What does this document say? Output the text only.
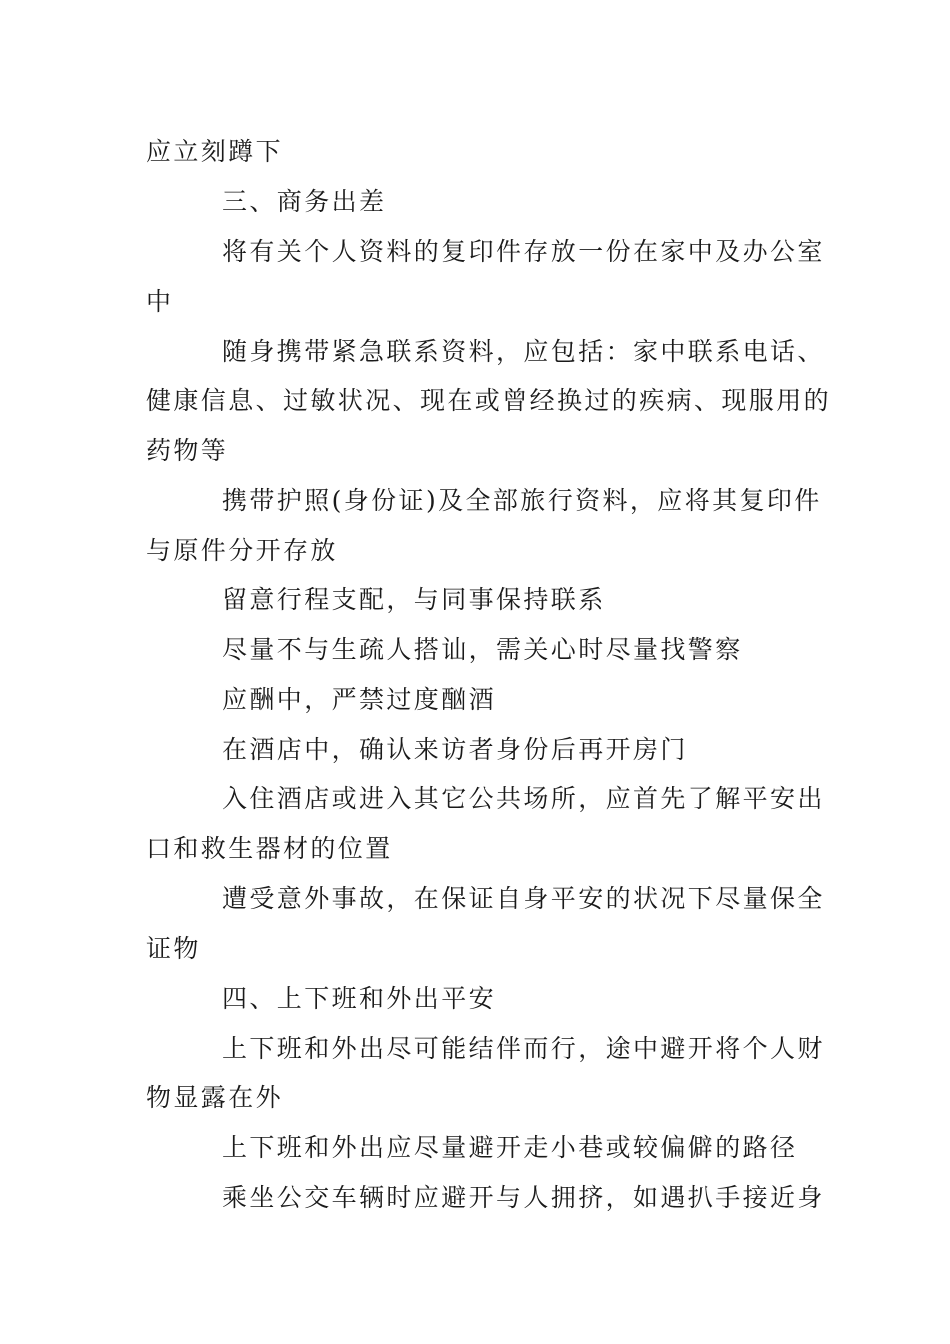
应立刻蹲下
三、商务出差
将有关个人资料的复印件存放一份在家中及办公室
中
随身携带紧急联系资料，应包括：家中联系电话、
健康信息、过敏状况、现在或曾经换过的疾病、现服用的
药物等
携带护照(身份证)及全部旅行资料，应将其复印件
与原件分开存放
留意行程支配，与同事保持联系
尽量不与生疏人搭讪，需关心时尽量找警察
应酬中，严禁过度酗酒
在酒店中，确认来访者身份后再开房门
入住酒店或进入其它公共场所，应首先了解平安出
口和救生器材的位置
遭受意外事故，在保证自身平安的状况下尽量保全
证物
四、上下班和外出平安
上下班和外出尽可能结伴而行，途中避开将个人财
物显露在外
上下班和外出应尽量避开走小巷或较偏僻的路径
乘坐公交车辆时应避开与人拥挤，如遇扒手接近身
